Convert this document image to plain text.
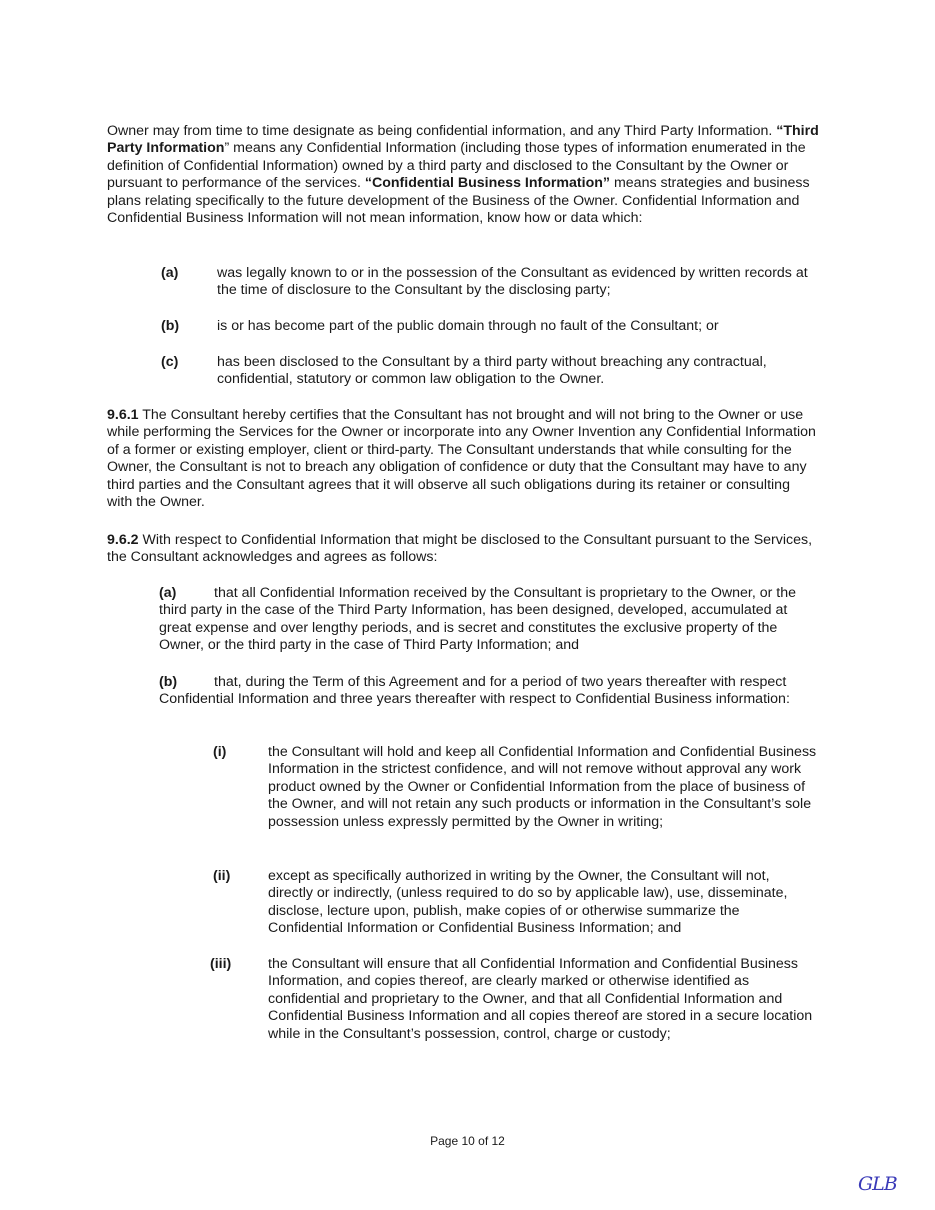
Owner may from time to time designate as being confidential information, and any Third Party Information. “Third Party Information” means any Confidential Information (including those types of information enumerated in the definition of Confidential Information) owned by a third party and disclosed to the Consultant by the Owner or pursuant to performance of the services. “Confidential Business Information” means strategies and business plans relating specifically to the future development of the Business of the Owner. Confidential Information and Confidential Business Information will not mean information, know how or data which:

(a)	was legally known to or in the possession of the Consultant as evidenced by written records at the time of disclosure to the Consultant by the disclosing party;
(b)	is or has become part of the public domain through no fault of the Consultant; or
(c)	has been disclosed to the Consultant by a third party without breaching any contractual, confidential, statutory or common law obligation to the Owner.

9.6.1 The Consultant hereby certifies that the Consultant has not brought and will not bring to the Owner or use while performing the Services for the Owner or incorporate into any Owner Invention any Confidential Information of a former or existing employer, client or third-party. The Consultant understands that while consulting for the Owner, the Consultant is not to breach any obligation of confidence or duty that the Consultant may have to any third parties and the Consultant agrees that it will observe all such obligations during its retainer or consulting with the Owner.

9.6.2 With respect to Confidential Information that might be disclosed to the Consultant pursuant to the Services, the Consultant acknowledges and agrees as follows:

(a)	that all Confidential Information received by the Consultant is proprietary to the Owner, or the third party in the case of the Third Party Information, has been designed, developed, accumulated at great expense and over lengthy periods, and is secret and constitutes the exclusive property of the Owner, or the third party in the case of Third Party Information; and

(b)	that, during the Term of this Agreement and for a period of two years thereafter with respect Confidential Information and three years thereafter with respect to Confidential Business information:

(i)	the Consultant will hold and keep all Confidential Information and Confidential Business Information in the strictest confidence, and will not remove without approval any work product owned by the Owner or Confidential Information from the place of business of the Owner, and will not retain any such products or information in the Consultant’s sole possession unless expressly permitted by the Owner in writing;
(ii)	except as specifically authorized in writing by the Owner, the Consultant will not, directly or indirectly, (unless required to do so by applicable law), use, disseminate, disclose, lecture upon, publish, make copies of or otherwise summarize the Confidential Information or Confidential Business Information; and
(iii)	the Consultant will ensure that all Confidential Information and Confidential Business Information, and copies thereof, are clearly marked or otherwise identified as confidential and proprietary to the Owner, and that all Confidential Information and Confidential Business Information and all copies thereof are stored in a secure location while in the Consultant’s possession, control, charge or custody;
Page 10 of 12
GLB
